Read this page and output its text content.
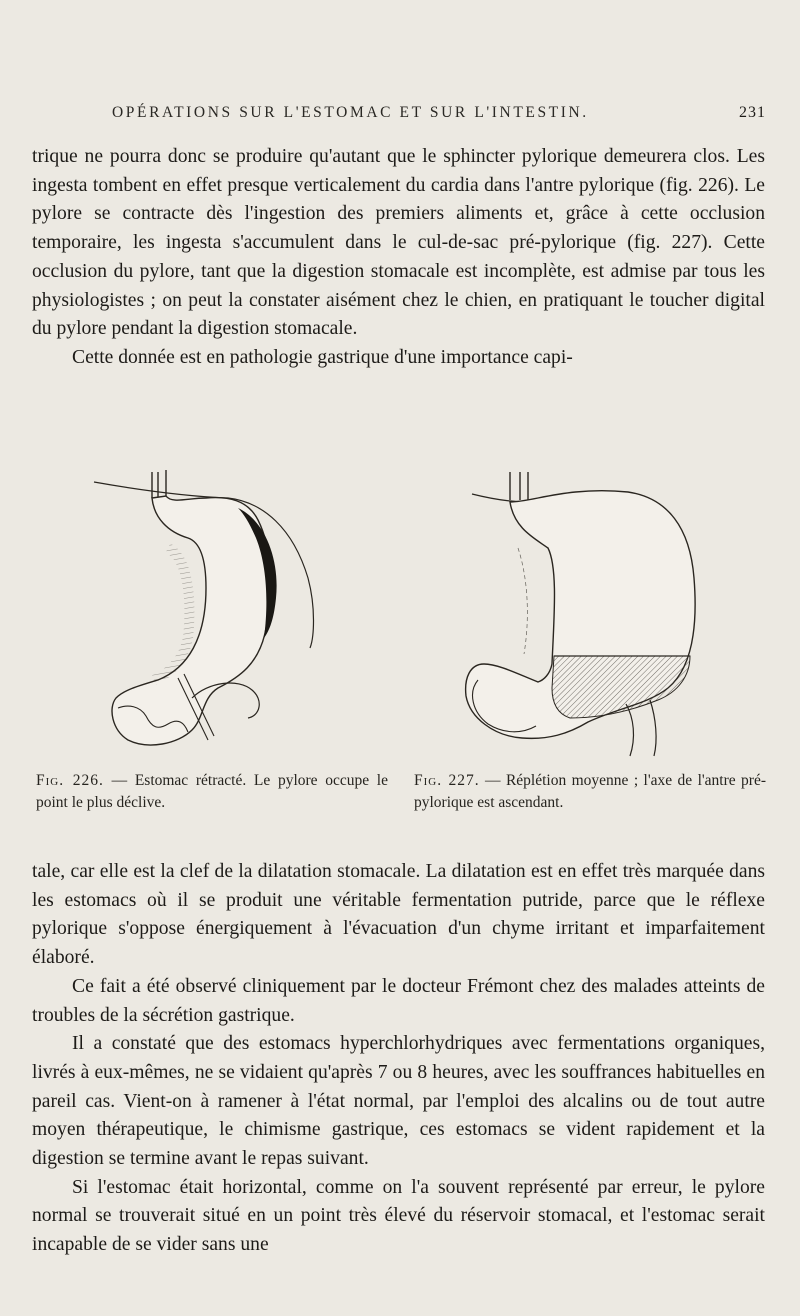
OPÉRATIONS SUR L'ESTOMAC ET SUR L'INTESTIN.	231

trique ne pourra donc se produire qu'autant que le sphincter pylorique demeurera clos. Les ingesta tombent en effet presque verticalement du cardia dans l'antre pylorique (fig. 226). Le pylore se contracte dès l'ingestion des premiers aliments et, grâce à cette occlusion temporaire, les ingesta s'accumulent dans le cul-de-sac pré-pylorique (fig. 227). Cette occlusion du pylore, tant que la digestion stomacale est incomplète, est admise par tous les physiologistes ; on peut la constater aisément chez le chien, en pratiquant le toucher digital du pylore pendant la digestion stomacale.

Cette donnée est en pathologie gastrique d'une importance capi-

Fig. 226. — Estomac rétracté. Le pylore occupe le point le plus déclive.
Fig. 227. — Réplétion moyenne ; l'axe de l'antre pré-pylorique est ascendant.

tale, car elle est la clef de la dilatation stomacale. La dilatation est en effet très marquée dans les estomacs où il se produit une véritable fermentation putride, parce que le réflexe pylorique s'oppose énergiquement à l'évacuation d'un chyme irritant et imparfaitement élaboré.

Ce fait a été observé cliniquement par le docteur Frémont chez des malades atteints de troubles de la sécrétion gastrique.

Il a constaté que des estomacs hyperchlorhydriques avec fermentations organiques, livrés à eux-mêmes, ne se vidaient qu'après 7 ou 8 heures, avec les souffrances habituelles en pareil cas. Vient-on à ramener à l'état normal, par l'emploi des alcalins ou de tout autre moyen thérapeutique, le chimisme gastrique, ces estomacs se vident rapidement et la digestion se termine avant le repas suivant.

Si l'estomac était horizontal, comme on l'a souvent représenté par erreur, le pylore normal se trouverait situé en un point très élevé du réservoir stomacal, et l'estomac serait incapable de se vider sans une
